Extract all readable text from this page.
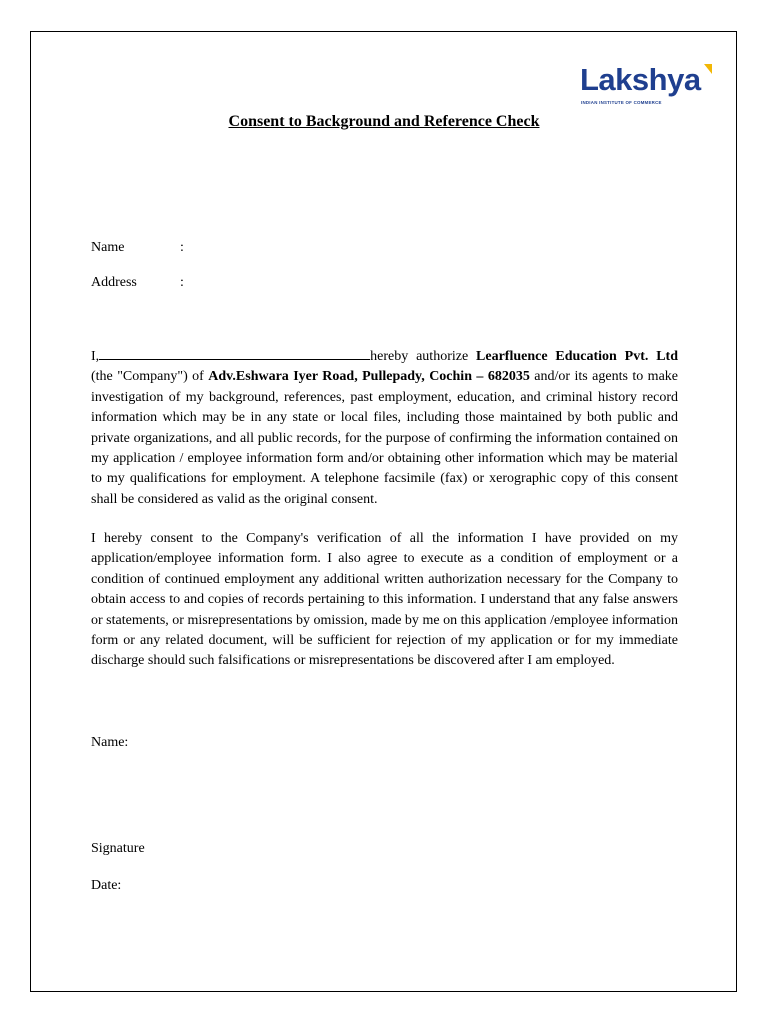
Lakshya
INDIAN INSTITUTE OF COMMERCE
Consent to Background and Reference Check
Name	:
Address	:

I,	hereby authorize Learfluence Education Pvt. Ltd (the "Company") of Adv.Eshwara Iyer Road, Pullepady, Cochin – 682035 and/or its agents to make investigation of my background, references, past employment, education, and criminal history record information which may be in any state or local files, including those maintained by both public and private organizations, and all public records, for the purpose of confirming the information contained on my application / employee information form and/or obtaining other information which may be material to my qualifications for employment. A telephone facsimile (fax) or xerographic copy of this consent shall be considered as valid as the original consent.

I hereby consent to the Company's verification of all the information I have provided on my application/employee information form. I also agree to execute as a condition of employment or a condition of continued employment any additional written authorization necessary for the Company to obtain access to and copies of records pertaining to this information. I understand that any false answers or statements, or misrepresentations by omission, made by me on this application /employee information form or any related document, will be sufficient for rejection of my application or for my immediate discharge should such falsifications or misrepresentations be discovered after I am employed.

Name:
Signature
Date:
